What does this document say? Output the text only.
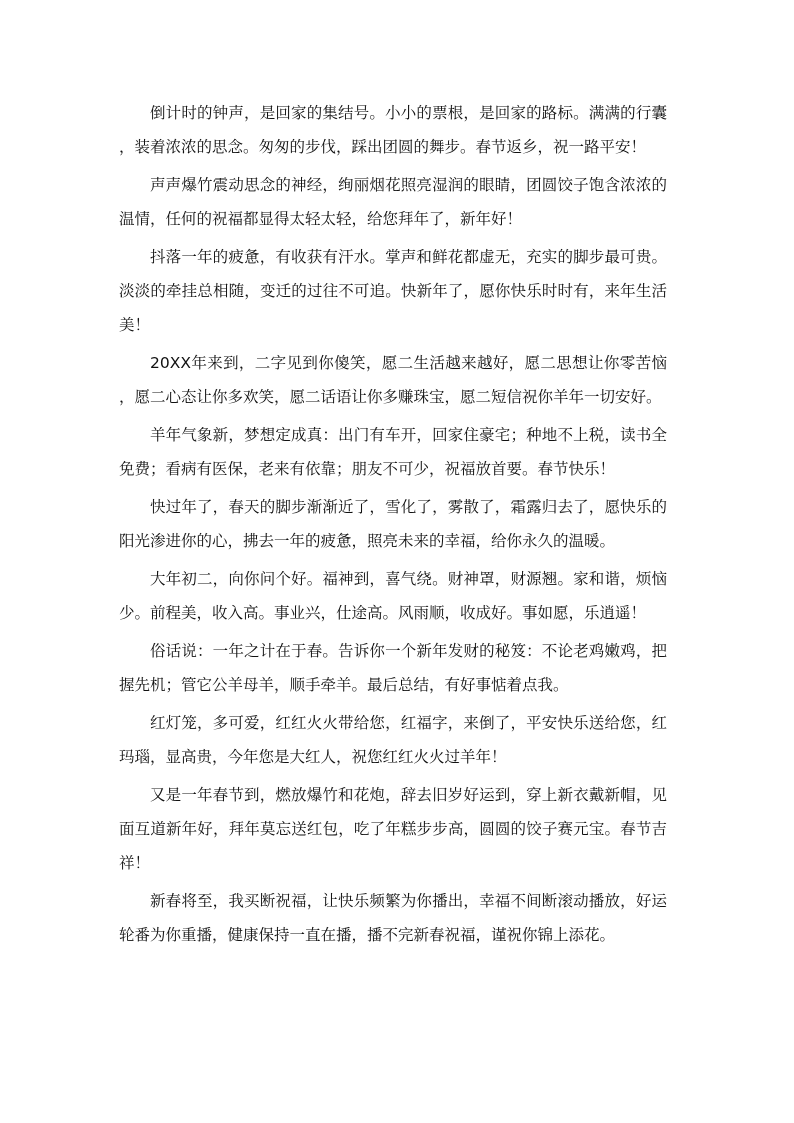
倒计时的钟声，是回家的集结号。小小的票根，是回家的路标。满满的行囊，装着浓浓的思念。匆匆的步伐，踩出团圆的舞步。春节返乡，祝一路平安！

声声爆竹震动思念的神经，绚丽烟花照亮湿润的眼睛，团圆饺子饱含浓浓的温情，任何的祝福都显得太轻太轻，给您拜年了，新年好！

抖落一年的疲惫，有收获有汗水。掌声和鲜花都虚无，充实的脚步最可贵。淡淡的牵挂总相随，变迁的过往不可追。快新年了，愿你快乐时时有，来年生活美！

20XX年来到，二字见到你傻笑，愿二生活越来越好，愿二思想让你零苦恼，愿二心态让你多欢笑，愿二话语让你多赚珠宝，愿二短信祝你羊年一切安好。

羊年气象新，梦想定成真：出门有车开，回家住豪宅；种地不上税，读书全免费；看病有医保，老来有依靠；朋友不可少，祝福放首要。春节快乐！

快过年了，春天的脚步渐渐近了，雪化了，雾散了，霜露归去了，愿快乐的阳光渗进你的心，拂去一年的疲惫，照亮未来的幸福，给你永久的温暖。

大年初二，向你问个好。福神到，喜气绕。财神罩，财源翘。家和谐，烦恼少。前程美，收入高。事业兴，仕途高。风雨顺，收成好。事如愿，乐逍遥！

俗话说：一年之计在于春。告诉你一个新年发财的秘笈：不论老鸡嫩鸡，把握先机；管它公羊母羊，顺手牵羊。最后总结，有好事惦着点我。

红灯笼，多可爱，红红火火带给您，红福字，来倒了，平安快乐送给您，红玛瑙，显高贵，今年您是大红人，祝您红红火火过羊年！

又是一年春节到，燃放爆竹和花炮，辞去旧岁好运到，穿上新衣戴新帽，见面互道新年好，拜年莫忘送红包，吃了年糕步步高，圆圆的饺子赛元宝。春节吉祥！

新春将至，我买断祝福，让快乐频繁为你播出，幸福不间断滚动播放，好运轮番为你重播，健康保持一直在播，播不完新春祝福，谨祝你锦上添花。
